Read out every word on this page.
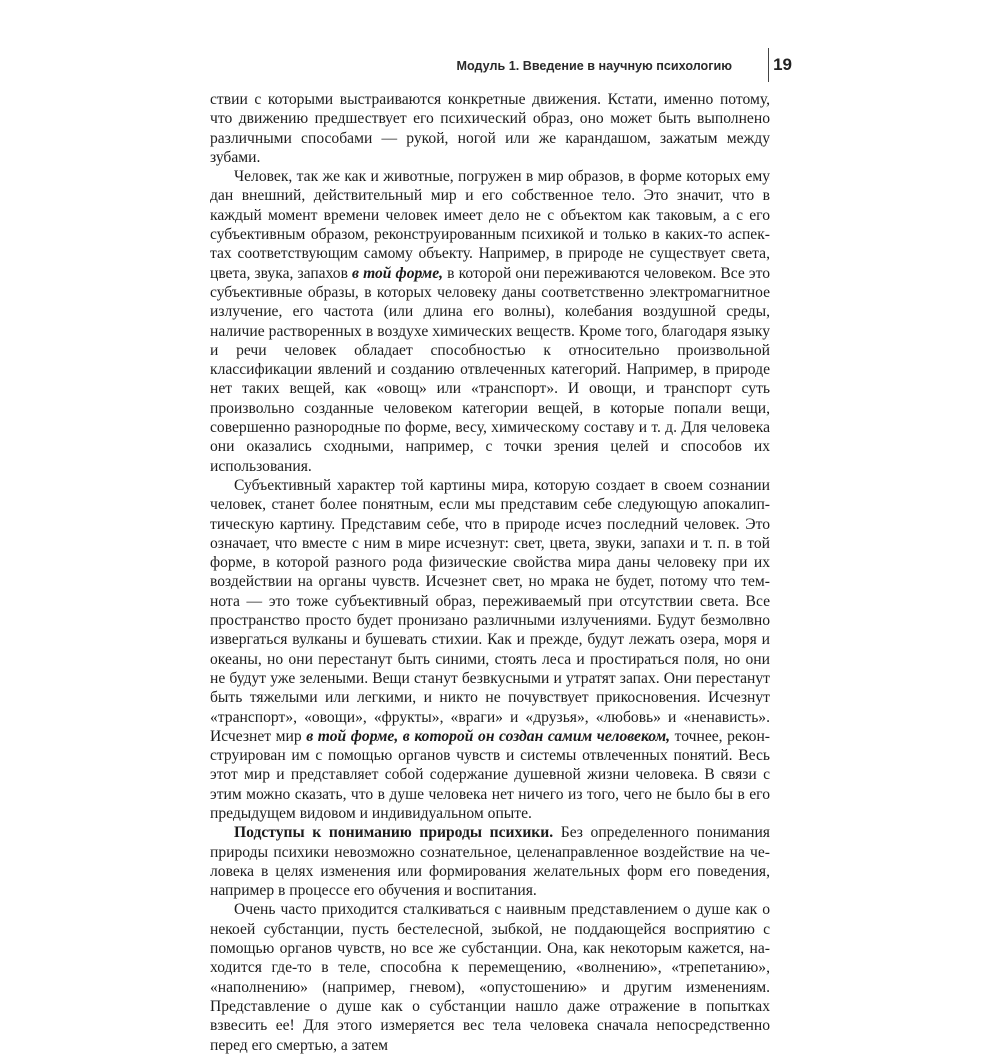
Модуль 1. Введение в научную психологию 19

ствии с которыми выстраиваются конкретные движения. Кстати, именно потому, что движению предшествует его психический образ, оно может быть выполнено различными способами — рукой, ногой или же карандашом, зажатым между зубами.

Человек, так же как и животные, погружен в мир образов, в форме которых ему дан внешний, действительный мир и его собственное тело. Это значит, что в каждый момент времени человек имеет дело не с объектом как таковым, а с его субъективным образом, реконструированным психикой и только в каких-то аспектах соответствующим самому объекту. Например, в природе не существует света, цвета, звука, запахов в той форме, в которой они переживаются человеком. Все это субъективные образы, в которых человеку даны соответственно электромагнитное излучение, его частота (или длина его волны), колебания воздушной среды, наличие растворенных в воздухе химических веществ. Кроме того, благодаря языку и речи человек обладает способностью к относительно произвольной классификации явлений и созданию отвлеченных категорий. Например, в природе нет таких вещей, как «овощ» или «транспорт». И овощи, и транспорт суть произвольно созданные человеком категории вещей, в которые попали вещи, совершенно разнородные по форме, весу, химическому составу и т. д. Для человека они оказались сходными, например, с точки зрения целей и способов их использования.

Субъективный характер той картины мира, которую создает в своем сознании человек, станет более понятным, если мы представим себе следующую апокалиптическую картину. Представим себе, что в природе исчез последний человек. Это означает, что вместе с ним в мире исчезнут: свет, цвета, звуки, запахи и т. п. в той форме, в которой разного рода физические свойства мира даны человеку при их воздействии на органы чувств. Исчезнет свет, но мрака не будет, потому что темнота — это тоже субъективный образ, переживаемый при отсутствии света. Все пространство просто будет пронизано различными излучениями. Будут безмолвно извергаться вулканы и бушевать стихии. Как и прежде, будут лежать озера, моря и океаны, но они перестанут быть синими, стоять леса и простираться поля, но они не будут уже зелеными. Вещи станут безвкусными и утратят запах. Они перестанут быть тяжелыми или легкими, и никто не почувствует прикосновения. Исчезнут «транспорт», «овощи», «фрукты», «враги» и «друзья», «любовь» и «ненависть». Исчезнет мир в той форме, в которой он создан самим человеком, точнее, реконструирован им с помощью органов чувств и системы отвлеченных понятий. Весь этот мир и представляет собой содержание душевной жизни человека. В связи с этим можно сказать, что в душе человека нет ничего из того, чего не было бы в его предыдущем видовом и индивидуальном опыте.

Подступы к пониманию природы психики. Без определенного понимания природы психики невозможно сознательное, целенаправленное воздействие на человека в целях изменения или формирования желательных форм его поведения, например в процессе его обучения и воспитания.

Очень часто приходится сталкиваться с наивным представлением о душе как о некоей субстанции, пусть бестелесной, зыбкой, не поддающейся восприятию с помощью органов чувств, но все же субстанции. Она, как некоторым кажется, находится где-то в теле, способна к перемещению, «волнению», «трепетанию», «наполнению» (например, гневом), «опустошению» и другим изменениям. Представление о душе как о субстанции нашло даже отражение в попытках взвесить ее! Для этого измеряется вес тела человека сначала непосредственно перед его смертью, а затем
